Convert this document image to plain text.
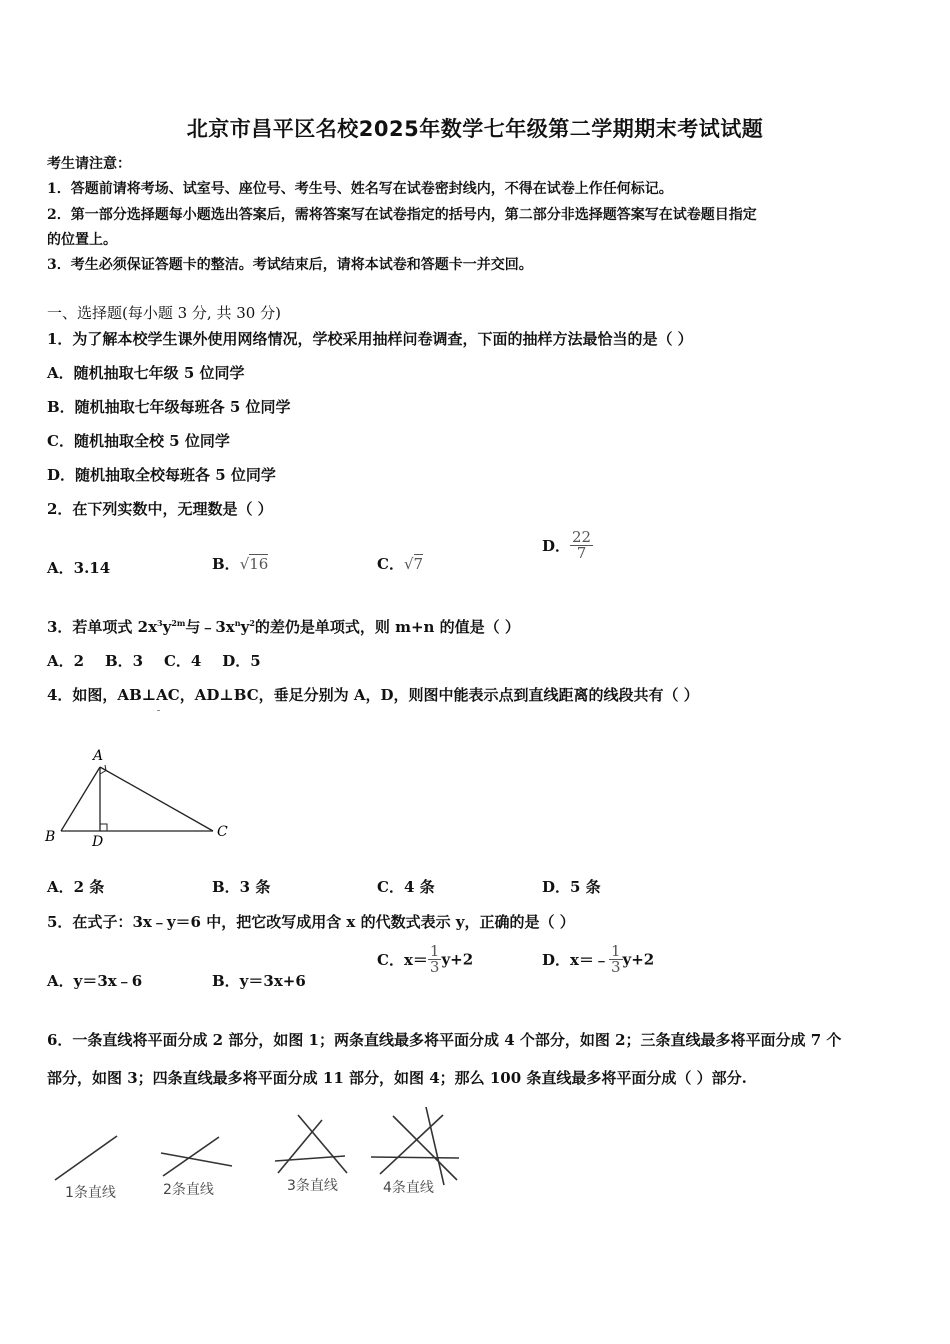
北京市昌平区名校2025年数学七年级第二学期期末考试试题
考生请注意：
1．答题前请将考场、试室号、座位号、考生号、姓名写在试卷密封线内，不得在试卷上作任何标记。
2．第一部分选择题每小题选出答案后，需将答案写在试卷指定的括号内，第二部分非选择题答案写在试卷题目指定
的位置上。
3．考生必须保证答题卡的整洁。考试结束后，请将本试卷和答题卡一并交回。
一、选择题(每小题 3 分, 共 30 分)
1．为了解本校学生课外使用网络情况，学校采用抽样问卷调查，下面的抽样方法最恰当的是（ ）
A．随机抽取七年级 5 位同学
B．随机抽取七年级每班各 5 位同学
C．随机抽取全校 5 位同学
D．随机抽取全校每班各 5 位同学
2．在下列实数中，无理数是（ ）
A．3.14	B．√16	C．√7
D． $\frac{22}{7}$
3．若单项式 $2x^3y^{2m}$与$﹣3x^ny^2$的差仍是单项式，则 m+n 的值是（ ）
A．2    B．3    C．4    D．5
4．如图，AB⊥AC，AD⊥BC，垂足分别为 A，D，则图中能表示点到直线距离的线段共有（ ）
A
B	C
D
A．2 条	B．3 条	C．4 条	D．5 条
5．在式子：3x﹣y＝6 中，把它改写成用含 x 的代数式表示 y，正确的是（ ）
A．y＝3x﹣6	B．y＝3x+6
C．$x= \frac{1}{3} y+2$	D．x＝﹣ $\frac{1}{3} y+2$
6．一条直线将平面分成 2 部分，如图 1；两条直线最多将平面分成 4 个部分，如图 2；三条直线最多将平面分成 7 个
部分，如图 3；四条直线最多将平面分成 11 部分，如图 4；那么 100 条直线最多将平面分成（ ）部分.
1条直线	2条直线	3条直线	4条直线
